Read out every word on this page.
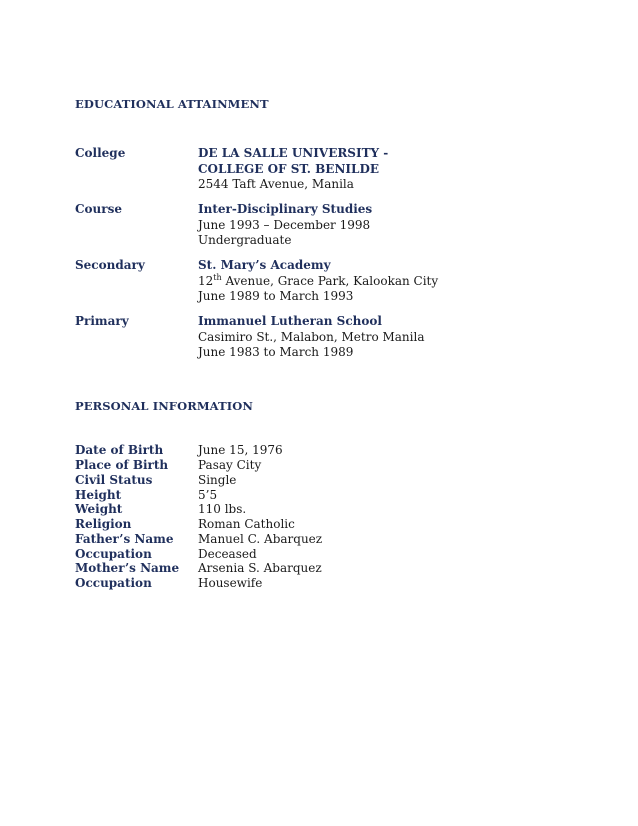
EDUCATIONAL ATTAINMENT
College	DE LA SALLE UNIVERSITY -
COLLEGE OF ST. BENILDE
2544 Taft Avenue, Manila
Course	Inter-Disciplinary Studies
June 1993 – December 1998
Undergraduate
Secondary	St. Mary’s Academy
12th Avenue, Grace Park, Kalookan City
June 1989 to March 1993
Primary	Immanuel Lutheran School
Casimiro St., Malabon, Metro Manila
June 1983 to March 1989
PERSONAL INFORMATION
Date of Birth	June 15, 1976
Place of Birth	Pasay City
Civil Status	Single
Height	5’5
Weight	110 lbs.
Religion	Roman Catholic
Father’s Name	Manuel C. Abarquez
Occupation	Deceased
Mother’s Name	Arsenia S. Abarquez
Occupation	Housewife
